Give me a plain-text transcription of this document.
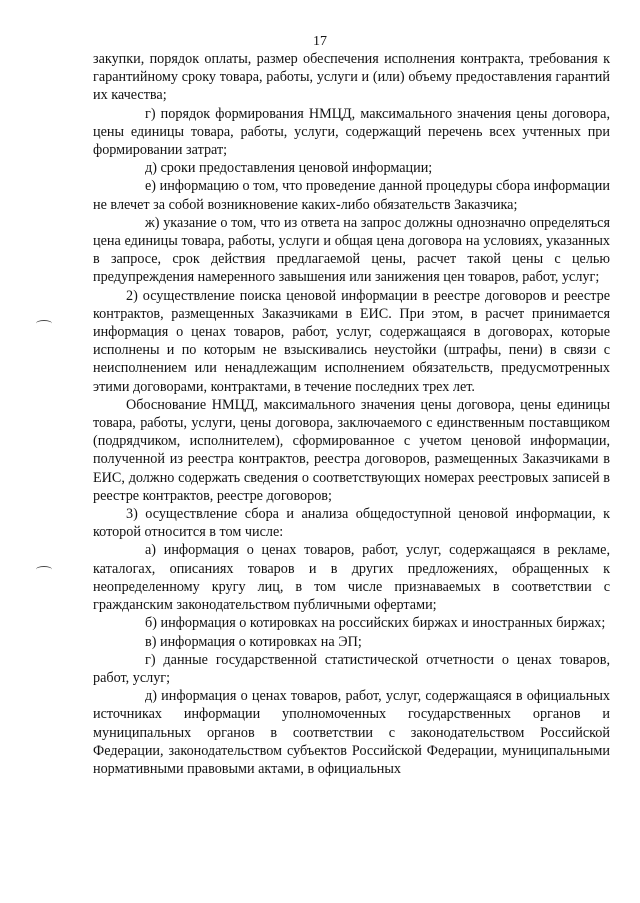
17

закупки, порядок оплаты, размер обеспечения исполнения контракта, требования к гарантийному сроку товара, работы, услуги и (или) объему предоставления гарантий их качества;

г) порядок формирования НМЦД, максимального значения цены договора, цены единицы товара, работы, услуги, содержащий перечень всех учтенных при формировании затрат;

д) сроки предоставления ценовой информации;

е) информацию о том, что проведение данной процедуры сбора информации не влечет за собой возникновение каких-либо обязательств Заказчика;

ж) указание о том, что из ответа на запрос должны однозначно определяться цена единицы товара, работы, услуги и общая цена договора на условиях, указанных в запросе, срок действия предлагаемой цены, расчет такой цены с целью предупреждения намеренного завышения или занижения цен товаров, работ, услуг;

2) осуществление поиска ценовой информации в реестре договоров и реестре контрактов, размещенных Заказчиками в ЕИС. При этом, в расчет принимается информация о ценах товаров, работ, услуг, содержащаяся в договорах, которые исполнены и по которым не взыскивались неустойки (штрафы, пени) в связи с неисполнением или ненадлежащим исполнением обязательств, предусмотренных этими договорами, контрактами, в течение последних трех лет.

Обоснование НМЦД, максимального значения цены договора, цены единицы товара, работы, услуги, цены договора, заключаемого с единственным поставщиком (подрядчиком, исполнителем), сформированное с учетом ценовой информации, полученной из реестра контрактов, реестра договоров, размещенных Заказчиками в ЕИС, должно содержать сведения о соответствующих номерах реестровых записей в реестре контрактов, реестре договоров;

3) осуществление сбора и анализа общедоступной ценовой информации, к которой относится в том числе:

а) информация о ценах товаров, работ, услуг, содержащаяся в рекламе, каталогах, описаниях товаров и в других предложениях, обращенных к неопределенному кругу лиц, в том числе признаваемых в соответствии с гражданским законодательством публичными офертами;

б) информация о котировках на российских биржах и иностранных биржах;

в) информация о котировках на ЭП;

г) данные государственной статистической отчетности о ценах товаров, работ, услуг;

д) информация о ценах товаров, работ, услуг, содержащаяся в официальных источниках информации уполномоченных государственных органов и муниципальных органов в соответствии с законодательством Российской Федерации, законодательством субъектов Российской Федерации, муниципальными нормативными правовыми актами, в официальных
